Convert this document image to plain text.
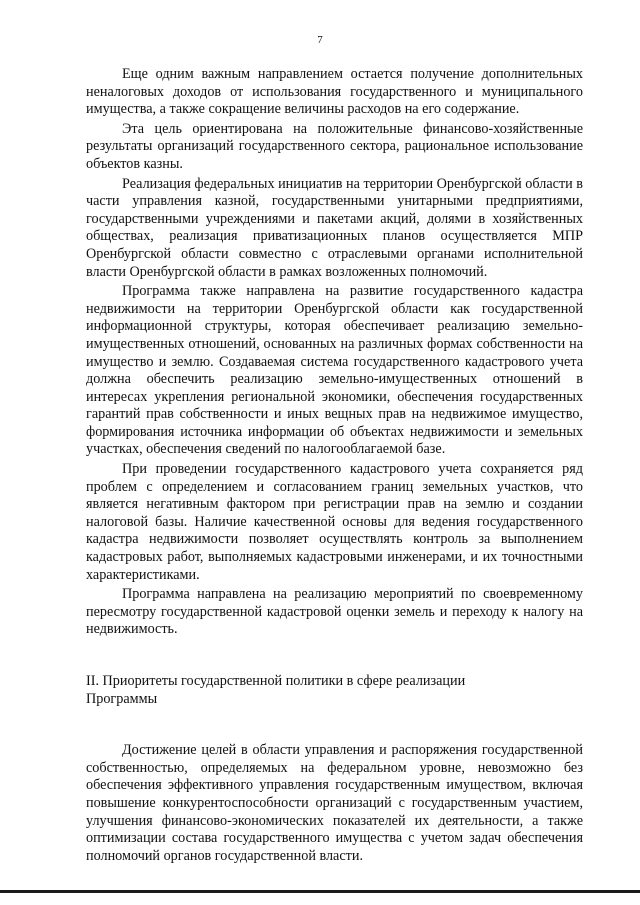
7

Еще одним важным направлением остается получение дополнительных неналоговых доходов от использования государственного и муниципального имущества, а также сокращение величины расходов на его содержание.

Эта цель ориентирована на положительные финансово-хозяйственные результаты организаций государственного сектора, рациональное использование объектов казны.

Реализация федеральных инициатив на территории Оренбургской области в части управления казной, государственными унитарными предприятиями, государственными учреждениями и пакетами акций, долями в хозяйственных обществах, реализация приватизационных планов осуществляется МПР Оренбургской области совместно с отраслевыми органами исполнительной власти Оренбургской области в рамках возложенных полномочий.

Программа также направлена на развитие государственного кадастра недвижимости на территории Оренбургской области как государственной информационной структуры, которая обеспечивает реализацию земельно-имущественных отношений, основанных на различных формах собственности на имущество и землю. Создаваемая система государственного кадастрового учета должна обеспечить реализацию земельно-имущественных отношений в интересах укрепления региональной экономики, обеспечения государственных гарантий прав собственности и иных вещных прав на недвижимое имущество, формирования источника информации об объектах недвижимости и земельных участках, обеспечения сведений по налогооблагаемой базе.

При проведении государственного кадастрового учета сохраняется ряд проблем с определением и согласованием границ земельных участков, что является негативным фактором при регистрации прав на землю и создании налоговой базы. Наличие качественной основы для ведения государственного кадастра недвижимости позволяет осуществлять контроль за выполнением кадастровых работ, выполняемых кадастровыми инженерами, и их точностными характеристиками.

Программа направлена на реализацию мероприятий по своевременному пересмотру государственной кадастровой оценки земель и переходу к налогу на недвижимость.

II. Приоритеты государственной политики в сфере реализации
Программы

Достижение целей в области управления и распоряжения государственной собственностью, определяемых на федеральном уровне, невозможно без обеспечения эффективного управления государственным имуществом, включая повышение конкурентоспособности организаций с государственным участием, улучшения финансово-экономических показателей их деятельности, а также оптимизации состава государственного имущества с учетом задач обеспечения полномочий органов государственной власти.
